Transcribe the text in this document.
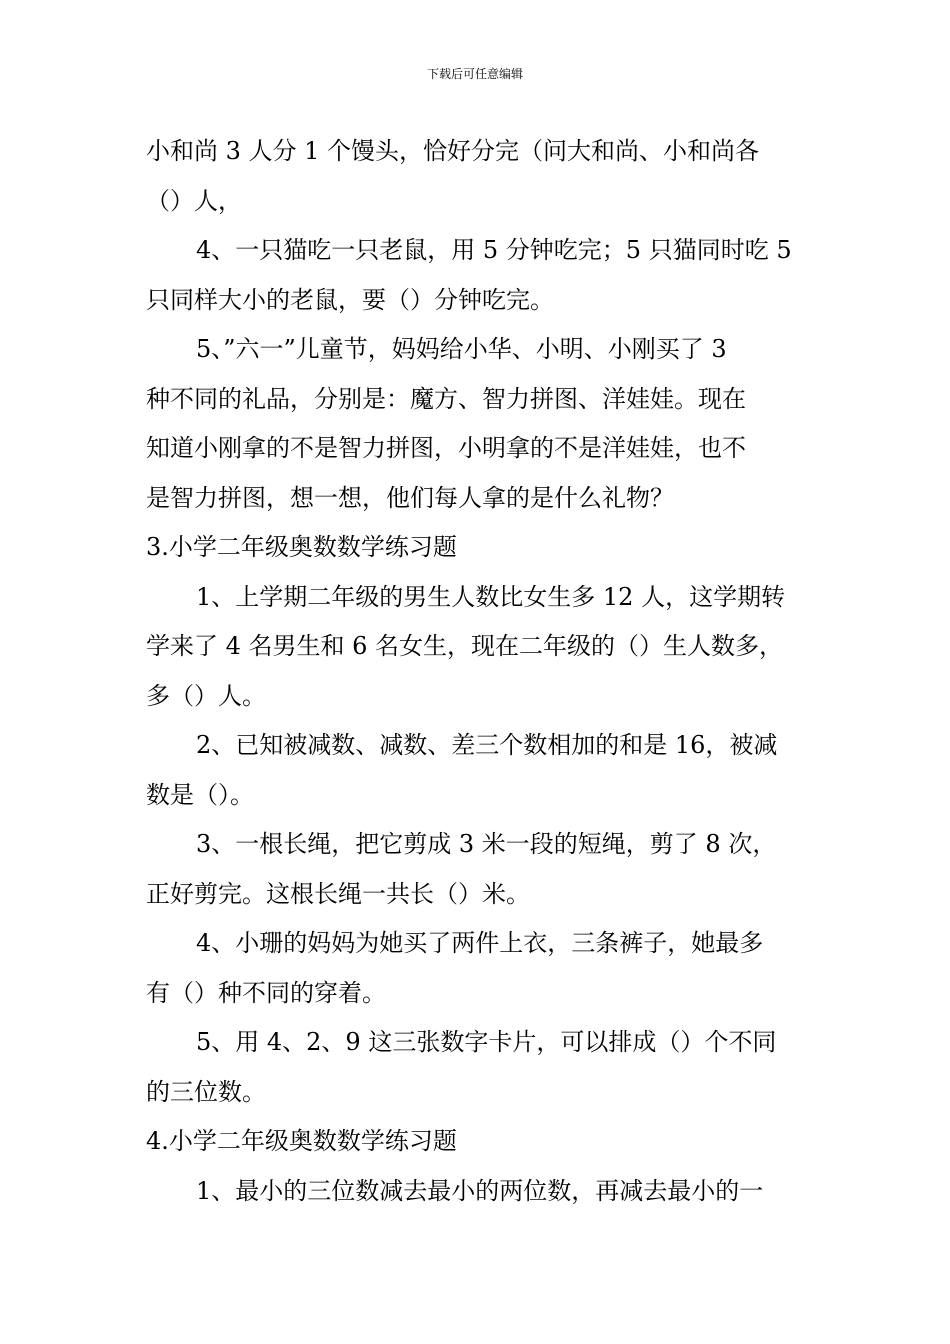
下载后可任意编辑
小和尚 3 人分 1 个馒头，恰好分完（问大和尚、小和尚各
（）人，
4、一只猫吃一只老鼠，用 5 分钟吃完；5 只猫同时吃 5
只同样大小的老鼠，要（）分钟吃完。
5、”六一”儿童节，妈妈给小华、小明、小刚买了 3
种不同的礼品，分别是：魔方、智力拼图、洋娃娃。现在
知道小刚拿的不是智力拼图，小明拿的不是洋娃娃，也不
是智力拼图，想一想，他们每人拿的是什么礼物？
3.小学二年级奥数数学练习题
1、上学期二年级的男生人数比女生多 12 人，这学期转
学来了 4 名男生和 6 名女生，现在二年级的（）生人数多，
多（）人。
2、已知被减数、减数、差三个数相加的和是 16，被减
数是（）。
3、一根长绳，把它剪成 3 米一段的短绳，剪了 8 次，
正好剪完。这根长绳一共长（）米。
4、小珊的妈妈为她买了两件上衣，三条裤子，她最多
有（）种不同的穿着。
5、用 4、2、9 这三张数字卡片，可以排成（）个不同
的三位数。
4.小学二年级奥数数学练习题
1、最小的三位数减去最小的两位数，再减去最小的一
